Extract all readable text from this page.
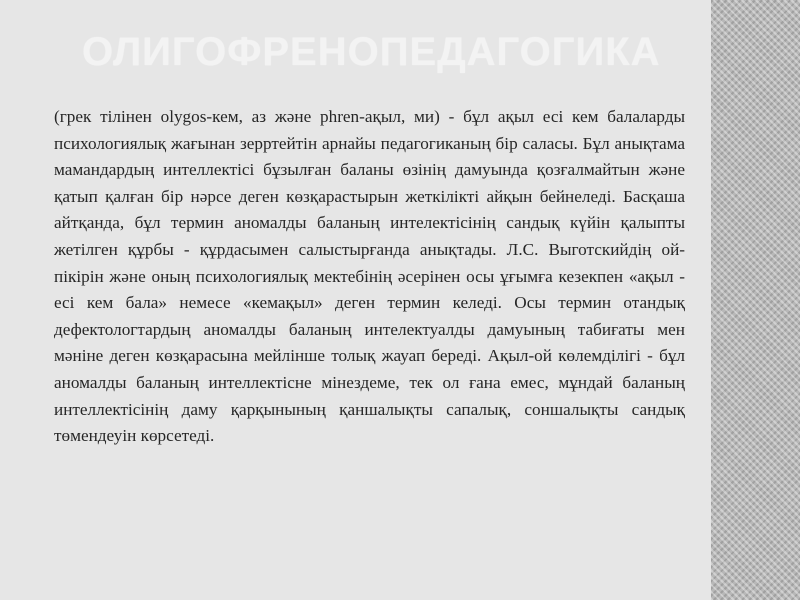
ОЛИГОФРЕНОПЕДАГОГИКА

(грек тілінен olygos-кем, аз және phren-ақыл, ми) - бұл ақыл есі кем балаларды психологиялық жағынан зерртейтін арнайы педагогиканың бір саласы. Бұл анықтама мамандардың интеллектісі бұзылған баланы өзінің дамуында қозғалмайтын және қатып қалған бір нәрсе деген көзқарастырын жеткілікті айқын бейнеледі. Басқаша айтқанда, бұл термин аномалды баланың интелектісінің сандық күйін қалыпты жетілген құрбы - құрдасымен салыстырғанда анықтады. Л.С. Выготскийдің ой-пікірін және оның психологиялық мектебінің әсерінен осы ұғымға кезекпен «ақыл - есі кем бала» немесе «кемақыл» деген термин келеді. Осы термин отандық дефектологтардың аномалды баланың интелектуалды дамуының табиғаты мен мәніне деген көзқарасына мейлінше толық жауап береді. Ақыл-ой көлемділігі - бұл аномалды баланың интеллектісне мінездеме, тек ол ғана емес, мұндай баланың интеллектісінің даму қарқынының қаншалықты сапалық, соншалықты сандық төмендеуін көрсетеді.
